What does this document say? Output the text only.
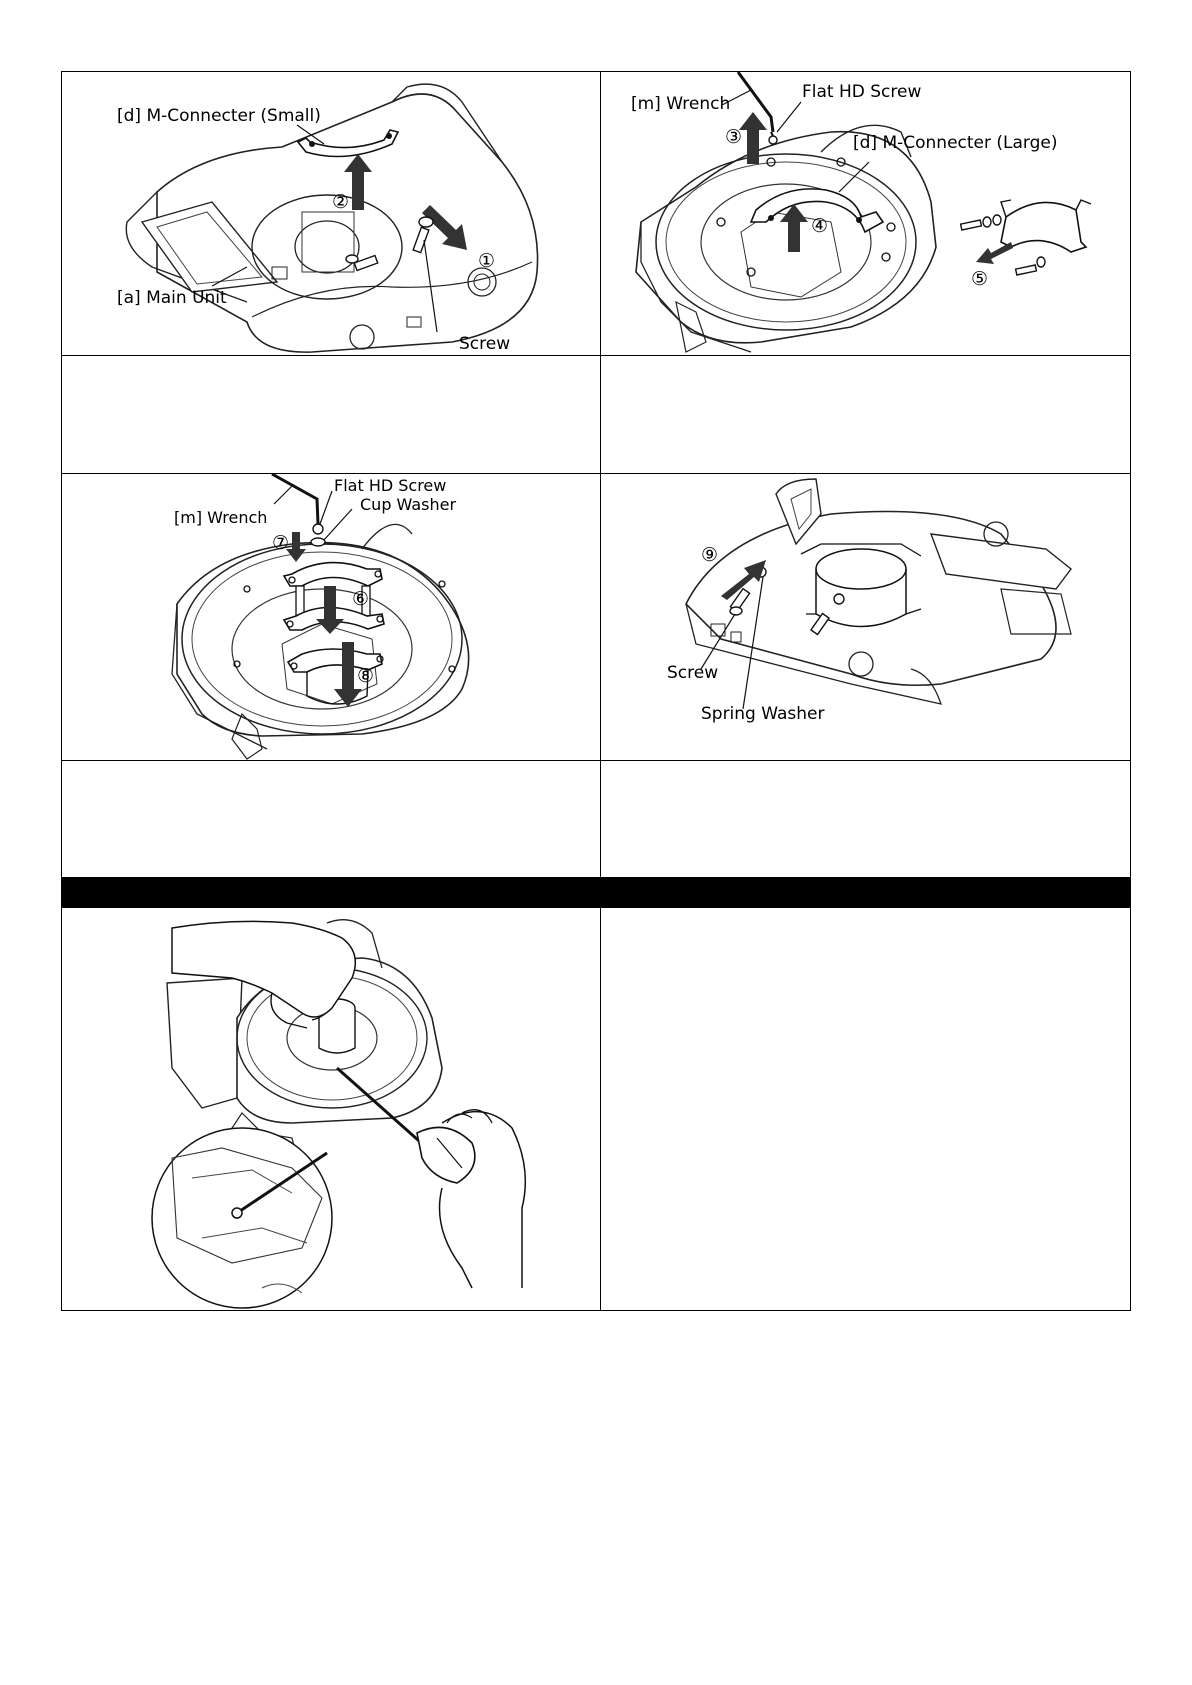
[d] M-Connecter (Small)
[a] Main Unit
Screw
②
①
[m] Wrench
Flat HD Screw
[d] M-Connecter (Large)
③
④
⑤
Flat HD Screw
Cup Washer
[m] Wrench
⑦
⑥
⑧
⑨
Screw
Spring Washer
